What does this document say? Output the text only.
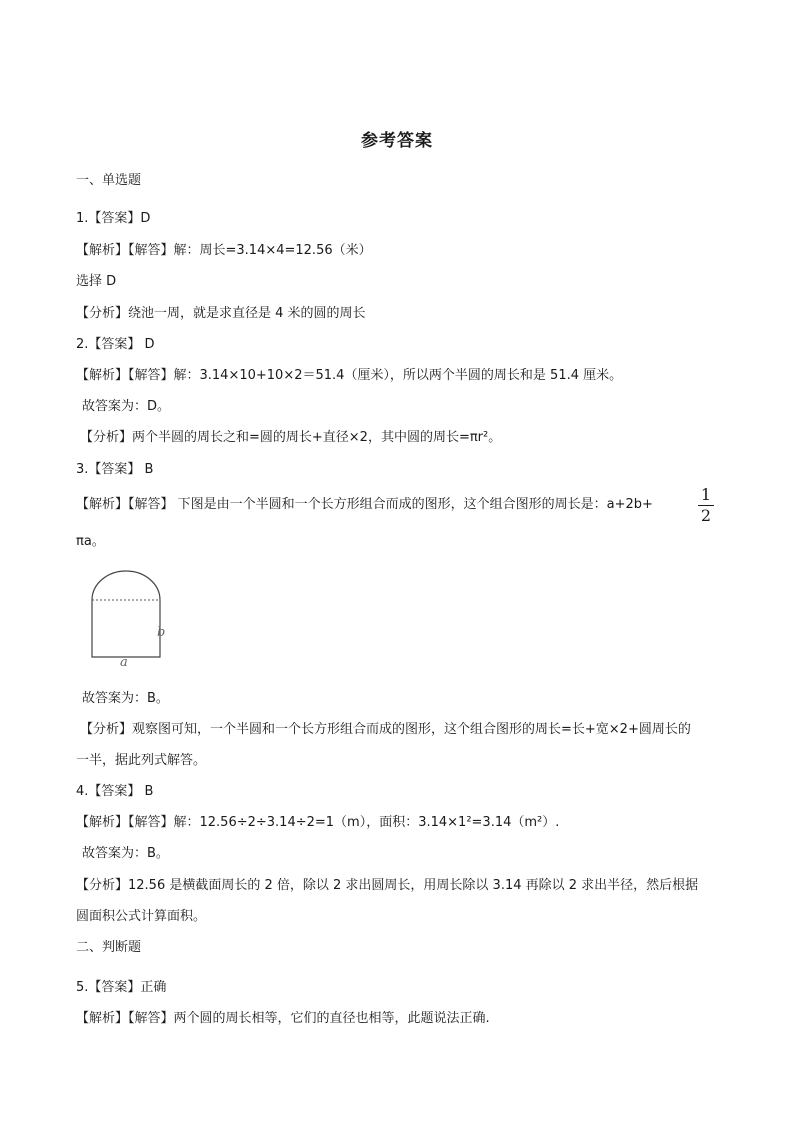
参考答案
一、单选题
1.【答案】D
【解析】【解答】解：周长=3.14×4=12.56（米）
选择 D
【分析】绕池一周，就是求直径是 4 米的圆的周长
2.【答案】 D
【解析】【解答】解：3.14×10+10×2＝51.4（厘米），所以两个半圆的周长和是 51.4 厘米。
故答案为：D。
【分析】两个半圆的周长之和=圆的周长+直径×2，其中圆的周长=πr²。
3.【答案】 B
【解析】【解答】 下图是由一个半圆和一个长方形组合而成的图形，这个组合图形的周长是：a+2b+
1
2
πa。
b
a
故答案为：B。
【分析】观察图可知，一个半圆和一个长方形组合而成的图形，这个组合图形的周长=长+宽×2+圆周长的
一半，据此列式解答。
4.【答案】 B
【解析】【解答】解：12.56÷2÷3.14÷2=1（m），面积：3.14×1²=3.14（m²）.
故答案为：B。
【分析】12.56 是横截面周长的 2 倍，除以 2 求出圆周长，用周长除以 3.14 再除以 2 求出半径，然后根据
圆面积公式计算面积。
二、判断题
5.【答案】正确
【解析】【解答】两个圆的周长相等，它们的直径也相等，此题说法正确.
